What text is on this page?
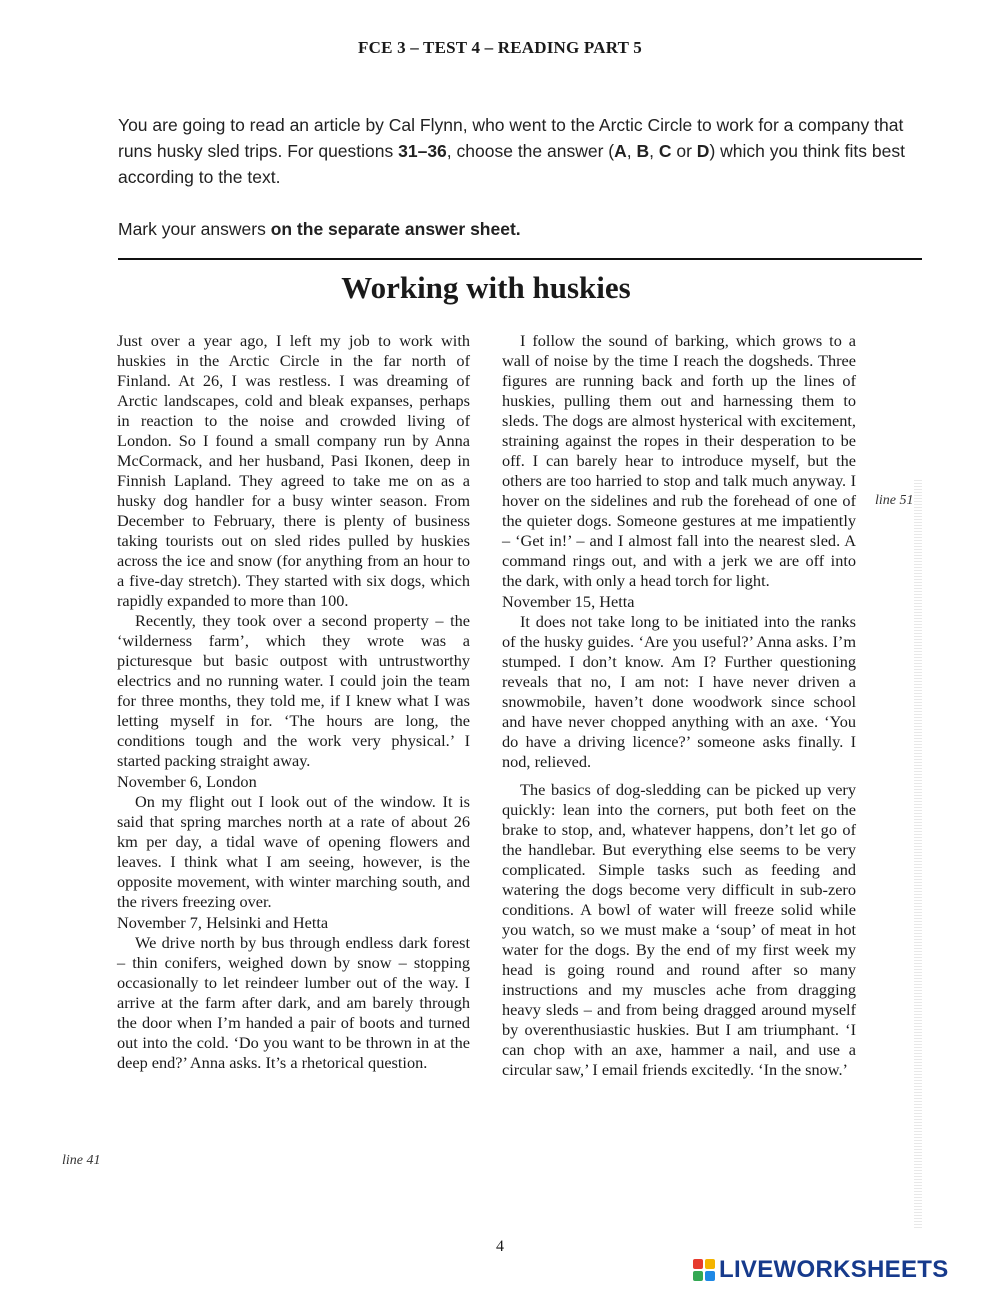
FCE 3 – TEST 4 – READING PART 5

You are going to read an article by Cal Flynn, who went to the Arctic Circle to work for a company that runs husky sled trips. For questions 31–36, choose the answer (A, B, C or D) which you think fits best according to the text.

Mark your answers on the separate answer sheet.

Working with huskies

Just over a year ago, I left my job to work with huskies in the Arctic Circle in the far north of Finland. At 26, I was restless. I was dreaming of Arctic landscapes, cold and bleak expanses, perhaps in reaction to the noise and crowded living of London. So I found a small company run by Anna McCormack, and her husband, Pasi Ikonen, deep in Finnish Lapland. They agreed to take me on as a husky dog handler for a busy winter season. From December to February, there is plenty of business taking tourists out on sled rides pulled by huskies across the ice and snow (for anything from an hour to a five-day stretch). They started with six dogs, which rapidly expanded to more than 100.

Recently, they took over a second property – the ‘wilderness farm’, which they wrote was a picturesque but basic outpost with untrustworthy electrics and no running water. I could join the team for three months, they told me, if I knew what I was letting myself in for. ‘The hours are long, the conditions tough and the work very physical.’ I started packing straight away.

November 6, London

On my flight out I look out of the window. It is said that spring marches north at a rate of about 26 km per day, a tidal wave of opening flowers and leaves. I think what I am seeing, however, is the opposite movement, with winter marching south, and the rivers freezing over.

November 7, Helsinki and Hetta

We drive north by bus through endless dark forest – thin conifers, weighed down by snow – stopping occasionally to let reindeer lumber out of the way. I arrive at the farm after dark, and am barely through the door when I’m handed a pair of boots and turned out into the cold. ‘Do you want to be thrown in at the deep end?’ Anna asks. It’s a rhetorical question.

I follow the sound of barking, which grows to a wall of noise by the time I reach the dogsheds. Three figures are running back and forth up the lines of huskies, pulling them out and harnessing them to sleds. The dogs are almost hysterical with excitement, straining against the ropes in their desperation to be off. I can barely hear to introduce myself, but the others are too harried to stop and talk much anyway. I hover on the sidelines and rub the forehead of one of the quieter dogs. Someone gestures at me impatiently – ‘Get in!’ – and I almost fall into the nearest sled. A command rings out, and with a jerk we are off into the dark, with only a head torch for light.

November 15, Hetta

It does not take long to be initiated into the ranks of the husky guides. ‘Are you useful?’ Anna asks. I’m stumped. I don’t know. Am I? Further questioning reveals that no, I am not: I have never driven a snowmobile, haven’t done woodwork since school and have never chopped anything with an axe. ‘You do have a driving licence?’ someone asks finally. I nod, relieved.

The basics of dog-sledding can be picked up very quickly: lean into the corners, put both feet on the brake to stop, and, whatever happens, don’t let go of the handlebar. But everything else seems to be very complicated. Simple tasks such as feeding and watering the dogs become very difficult in sub-zero conditions. A bowl of water will freeze solid while you watch, so we must make a ‘soup’ of meat in hot water for the dogs. By the end of my first week my head is going round and round after so many instructions and my muscles ache from dragging heavy sleds – and from being dragged around myself by overenthusiastic huskies. But I am triumphant. ‘I can chop with an axe, hammer a nail, and use a circular saw,’ I email friends excitedly. ‘In the snow.’

line 41
line 51
4
LIVEWORKSHEETS
